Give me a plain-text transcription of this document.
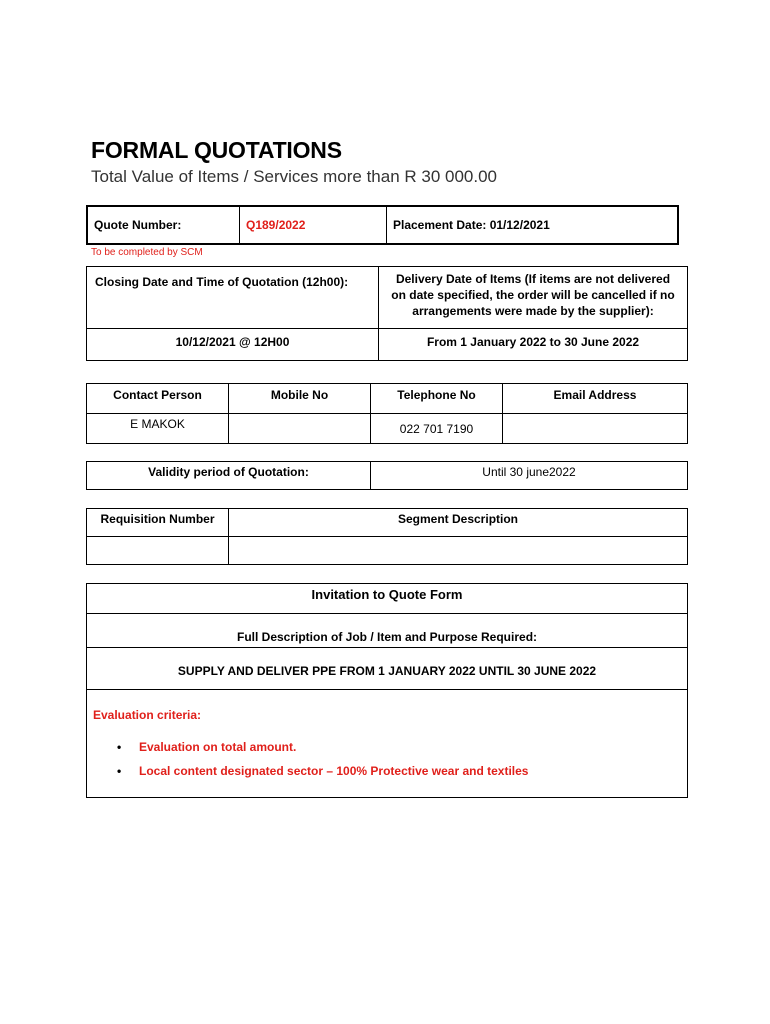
FORMAL QUOTATIONS
Total Value of Items / Services more than R 30 000.00
Quote Number:	Q189/2022	Placement Date: 01/12/2021
To be completed by SCM
Closing Date and Time of Quotation (12h00):	Delivery Date of Items (If items are not delivered
on date specified, the order will be cancelled if no
arrangements were made by the supplier):

10/12/2021 @ 12H00	From 1 January 2022 to 30 June 2022
Contact Person	Mobile No	Telephone No	Email Address
E MAKOK		022 701 7190	
Validity period of Quotation:	Until 30 june2022
Requisition Number	Segment Description

Invitation to Quote Form
Full Description of Job / Item and Purpose Required:
SUPPLY AND DELIVER PPE FROM 1 JANUARY 2022 UNTIL 30 JUNE 2022

Evaluation criteria:
• Evaluation on total amount.
• Local content designated sector – 100% Protective wear and textiles
